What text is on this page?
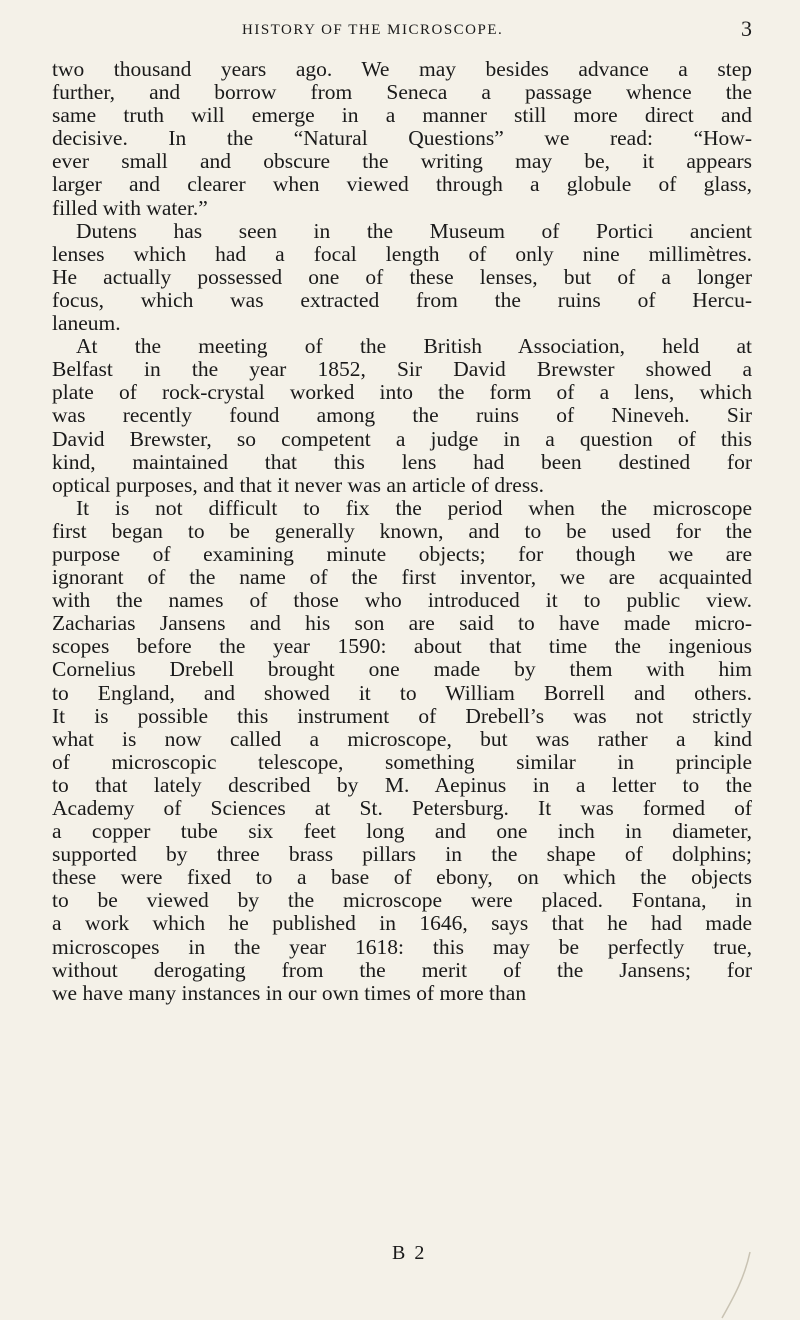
HISTORY OF THE MICROSCOPE.	3
two thousand years ago. We may besides advance a step
further, and borrow from Seneca a passage whence the
same truth will emerge in a manner still more direct and
decisive. In the “Natural Questions” we read: “How-
ever small and obscure the writing may be, it appears
larger and clearer when viewed through a globule of glass,
filled with water.”
Dutens has seen in the Museum of Portici ancient
lenses which had a focal length of only nine millimètres.
He actually possessed one of these lenses, but of a longer
focus, which was extracted from the ruins of Hercu-
laneum.
At the meeting of the British Association, held at
Belfast in the year 1852, Sir David Brewster showed a
plate of rock-crystal worked into the form of a lens, which
was recently found among the ruins of Nineveh. Sir
David Brewster, so competent a judge in a question of this
kind, maintained that this lens had been destined for
optical purposes, and that it never was an article of dress.
It is not difficult to fix the period when the microscope
first began to be generally known, and to be used for the
purpose of examining minute objects; for though we are
ignorant of the name of the first inventor, we are acquainted
with the names of those who introduced it to public view.
Zacharias Jansens and his son are said to have made micro-
scopes before the year 1590: about that time the ingenious
Cornelius Drebell brought one made by them with him
to England, and showed it to William Borrell and others.
It is possible this instrument of Drebell’s was not strictly
what is now called a microscope, but was rather a kind
of microscopic telescope, something similar in principle
to that lately described by M. Aepinus in a letter to the
Academy of Sciences at St. Petersburg. It was formed of
a copper tube six feet long and one inch in diameter,
supported by three brass pillars in the shape of dolphins;
these were fixed to a base of ebony, on which the objects
to be viewed by the microscope were placed. Fontana, in
a work which he published in 1646, says that he had made
microscopes in the year 1618: this may be perfectly true,
without derogating from the merit of the Jansens; for
we have many instances in our own times of more than
B 2
